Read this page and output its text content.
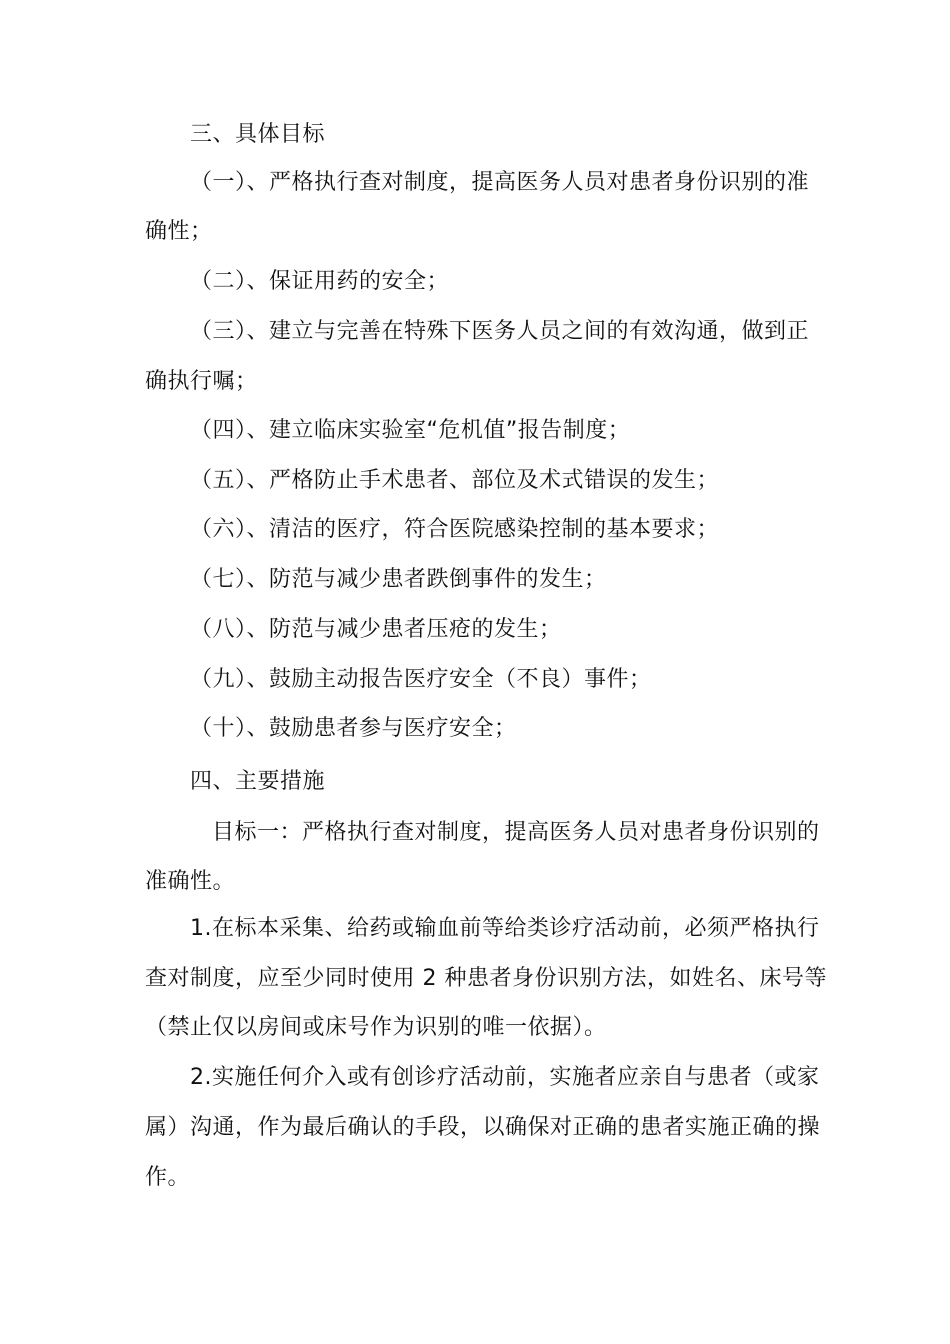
三、具体目标
（一）、严格执行查对制度，提高医务人员对患者身份识别的准
确性；
（二）、保证用药的安全；
（三）、建立与完善在特殊下医务人员之间的有效沟通，做到正
确执行嘱；
（四）、建立临床实验室“危机值”报告制度；
（五）、严格防止手术患者、部位及术式错误的发生；
（六）、清洁的医疗，符合医院感染控制的基本要求；
（七）、防范与减少患者跌倒事件的发生；
（八）、防范与减少患者压疮的发生；
（九）、鼓励主动报告医疗安全（不良）事件；
（十）、鼓励患者参与医疗安全；
四、主要措施
目标一：严格执行查对制度，提高医务人员对患者身份识别的
准确性。
1.在标本采集、给药或输血前等给类诊疗活动前，必须严格执行
查对制度，应至少同时使用 2 种患者身份识别方法，如姓名、床号等
（禁止仅以房间或床号作为识别的唯一依据）。
2.实施任何介入或有创诊疗活动前，实施者应亲自与患者（或家
属）沟通，作为最后确认的手段，以确保对正确的患者实施正确的操
作。
